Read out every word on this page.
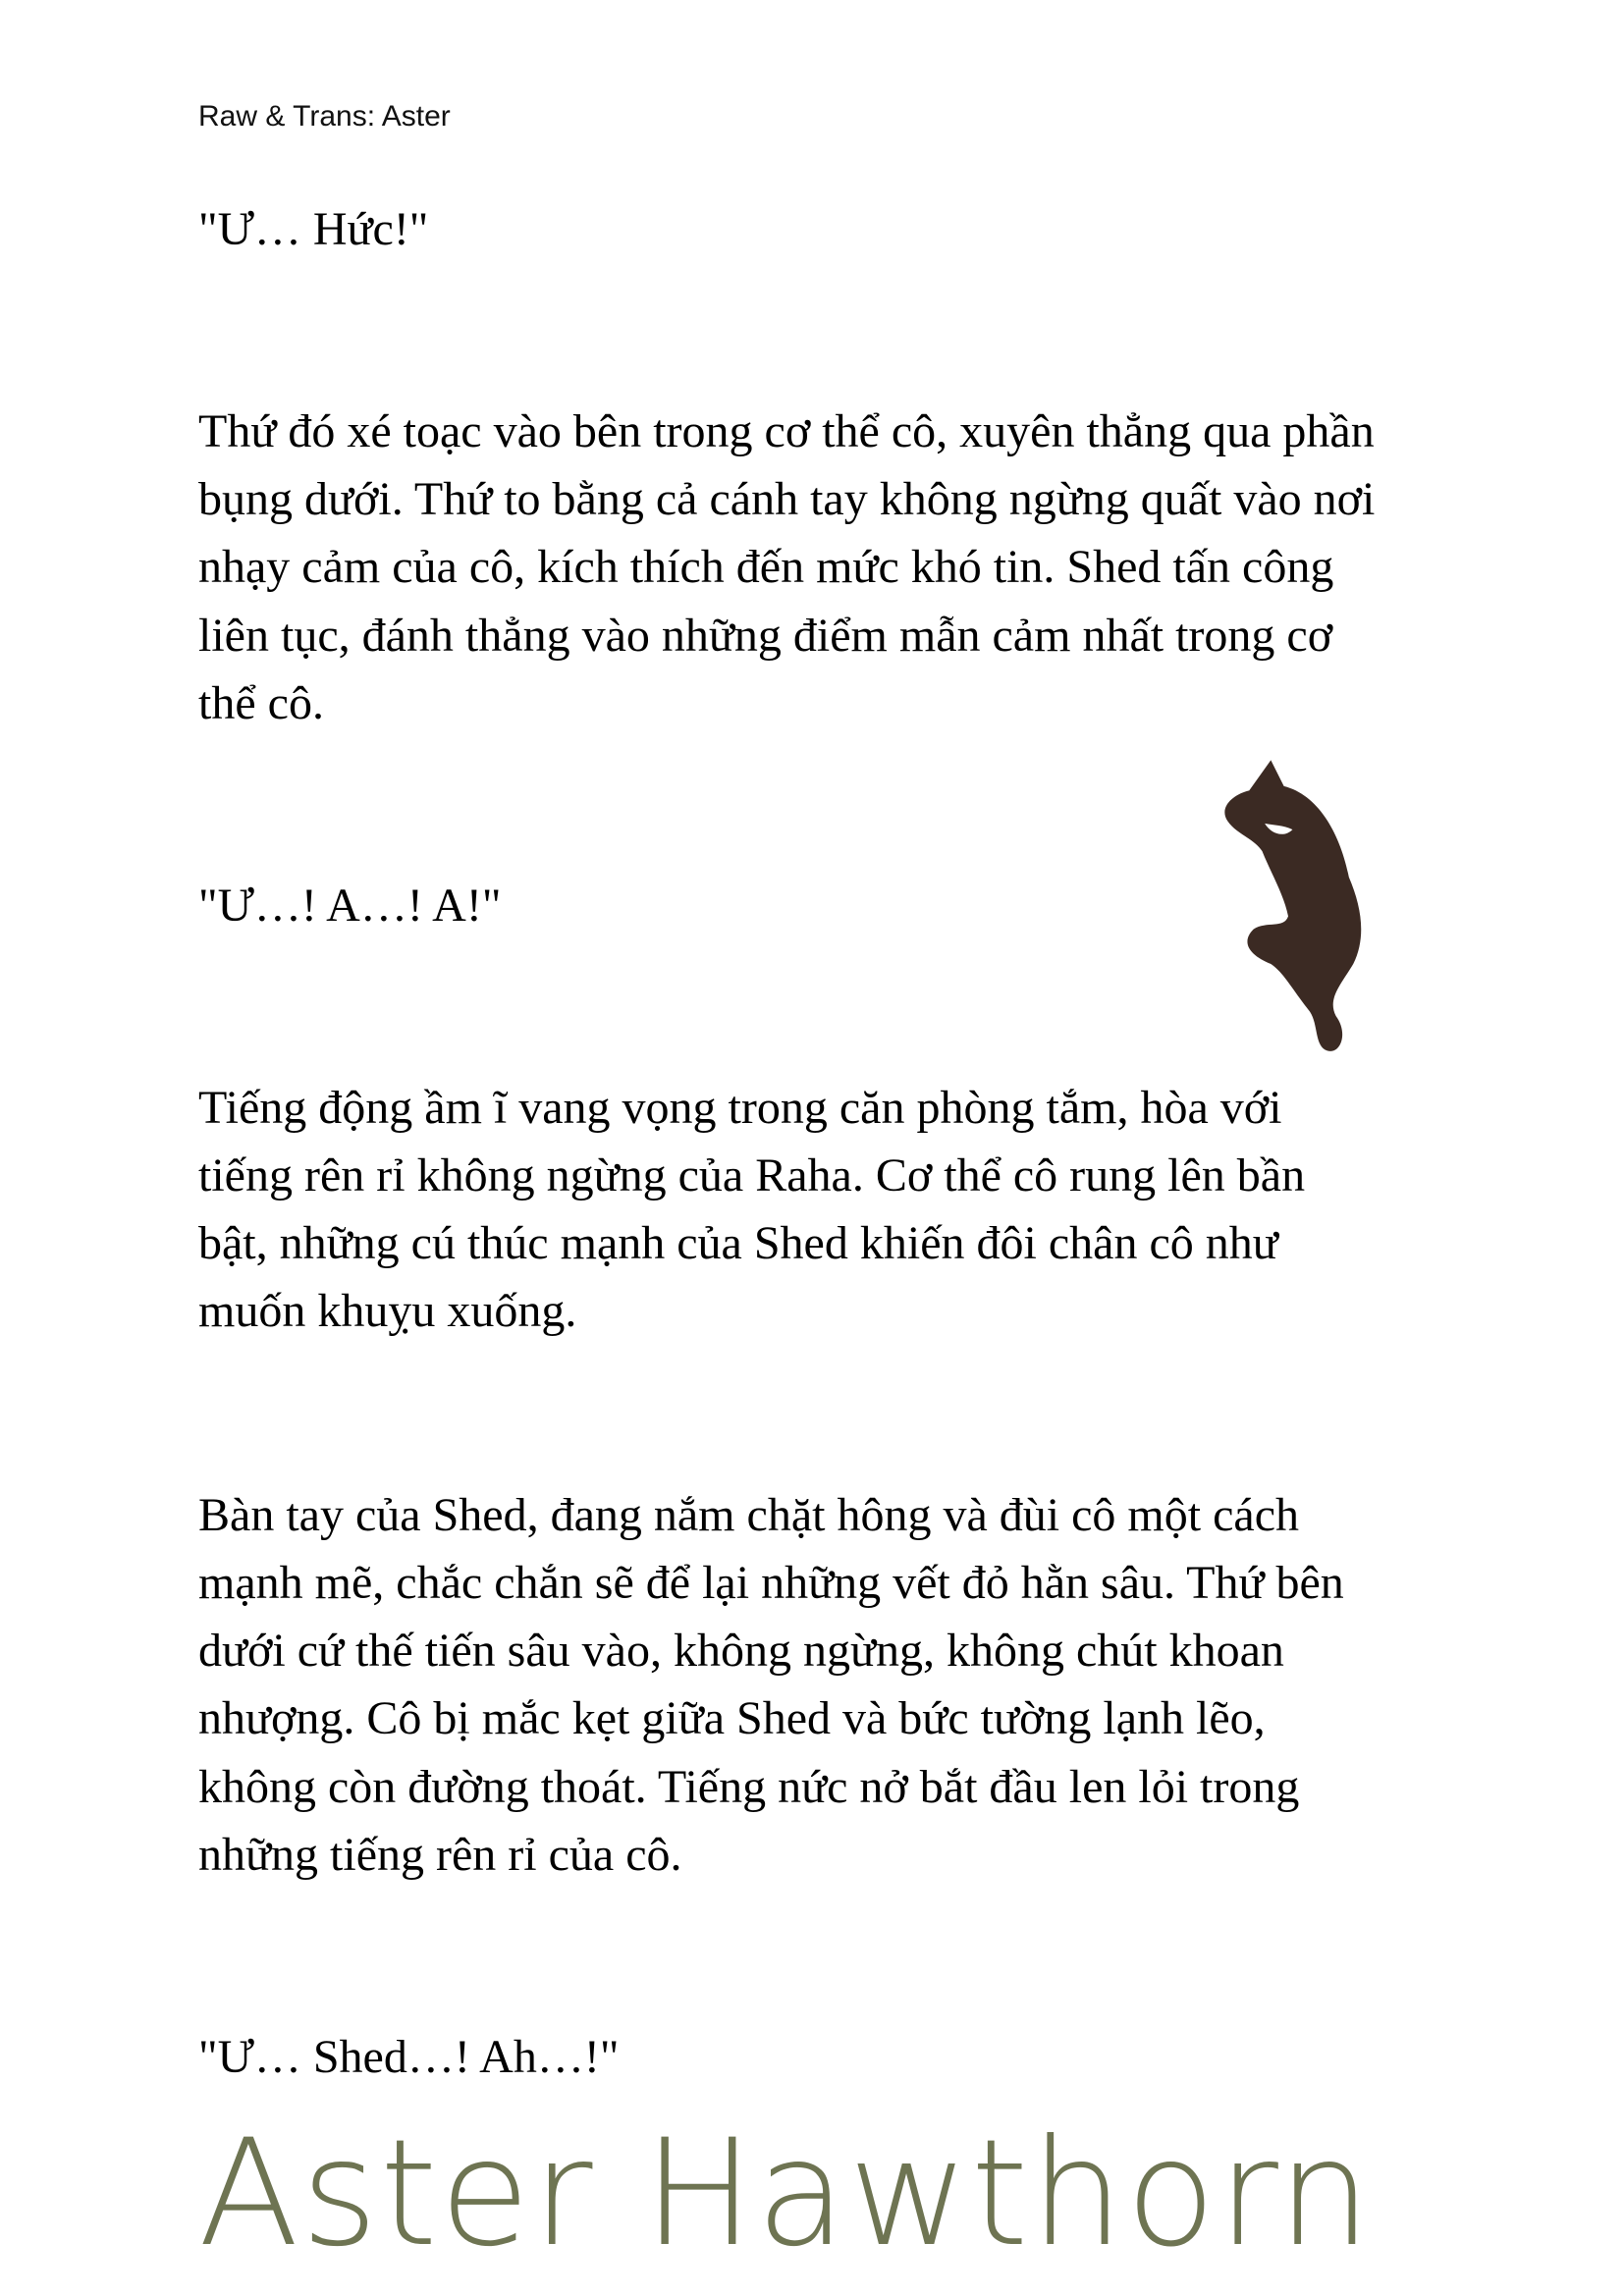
Raw & Trans: Aster
"Ư… Hức!"
Thứ đó xé toạc vào bên trong cơ thể cô, xuyên thẳng qua phần
bụng dưới. Thứ to bằng cả cánh tay không ngừng quất vào nơi
nhạy cảm của cô, kích thích đến mức khó tin. Shed tấn công
liên tục, đánh thẳng vào những điểm mẫn cảm nhất trong cơ
thể cô.
"Ư…! A…! A!"
Tiếng động ầm ĩ vang vọng trong căn phòng tắm, hòa với
tiếng rên rỉ không ngừng của Raha. Cơ thể cô rung lên bần
bật, những cú thúc mạnh của Shed khiến đôi chân cô như
muốn khuỵu xuống.
Bàn tay của Shed, đang nắm chặt hông và đùi cô một cách
mạnh mẽ, chắc chắn sẽ để lại những vết đỏ hằn sâu. Thứ bên
dưới cứ thế tiến sâu vào, không ngừng, không chút khoan
nhượng. Cô bị mắc kẹt giữa Shed và bức tường lạnh lẽo,
không còn đường thoát. Tiếng nức nở bắt đầu len lỏi trong
những tiếng rên rỉ của cô.
"Ư… Shed…! Ah…!"
Aster Hawthorn
